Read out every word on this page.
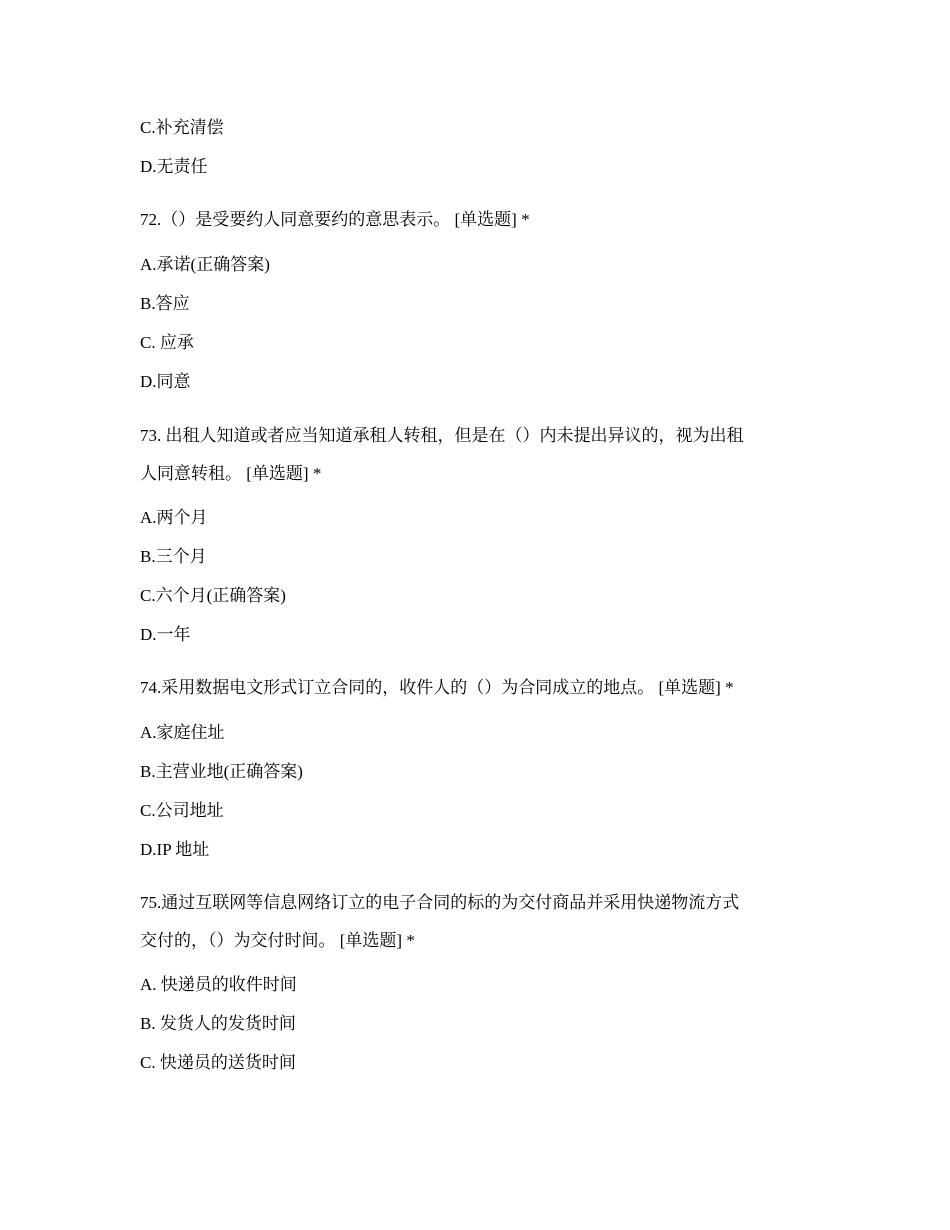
C.补充清偿
D.无责任
72.（）是受要约人同意要约的意思表示。 [单选题] *
A.承诺(正确答案)
B.答应
C. 应承
D.同意
73. 出租人知道或者应当知道承租人转租，但是在（）内未提出异议的，视为出租
人同意转租。 [单选题] *
A.两个月
B.三个月
C.六个月(正确答案)
D.一年
74.采用数据电文形式订立合同的，收件人的（）为合同成立的地点。 [单选题] *
A.家庭住址
B.主营业地(正确答案)
C.公司地址
D.IP 地址
75.通过互联网等信息网络订立的电子合同的标的为交付商品并采用快递物流方式
交付的，（）为交付时间。 [单选题] *
A. 快递员的收件时间
B. 发货人的发货时间
C. 快递员的送货时间
